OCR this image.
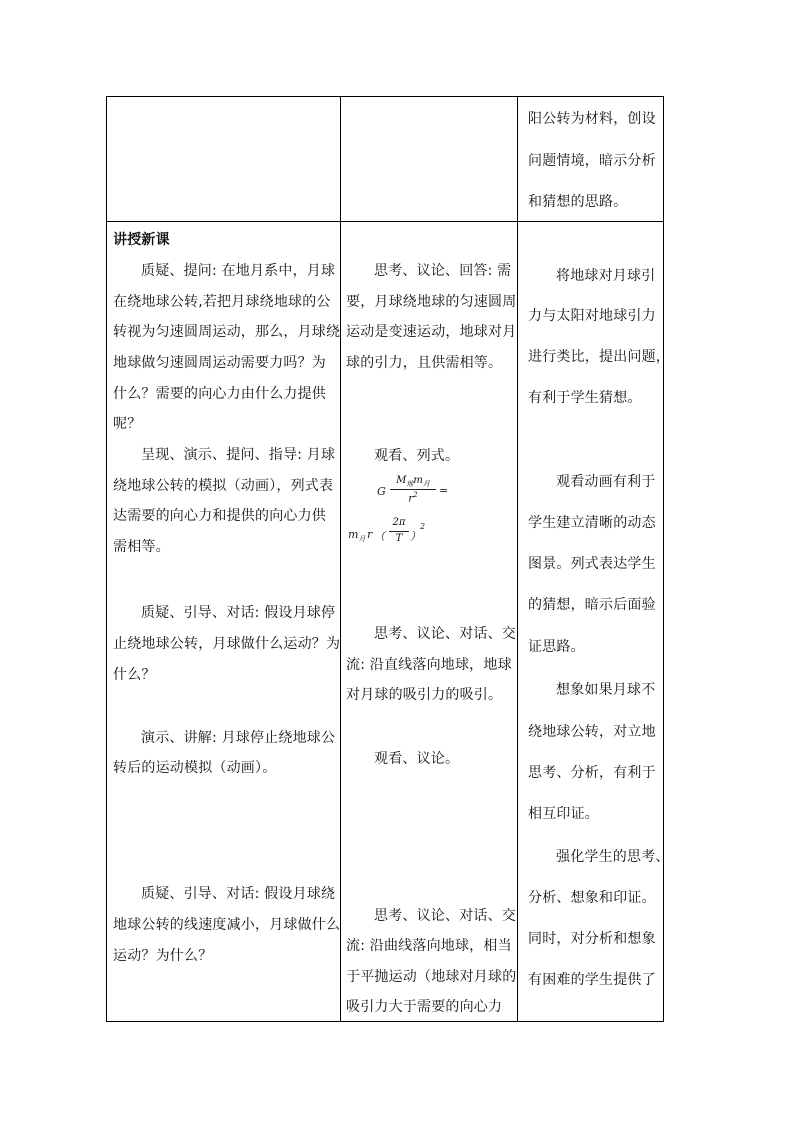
阳公转为材料，创设
问题情境，暗示分析
和猜想的思路。
讲授新课
质疑、提问: 在地月系中，月球
在绕地球公转,若把月球绕地球的公
转视为匀速圆周运动，那么，月球绕
地球做匀速圆周运动需要力吗？为
什么？需要的向心力由什么力提供
呢？
呈现、演示、提问、指导: 月球
绕地球公转的模拟（动画），列式表
达需要的向心力和提供的向心力供
需相等。
质疑、引导、对话: 假设月球停
止绕地球公转，月球做什么运动？为
什么？
演示、讲解: 月球停止绕地球公
转后的运动模拟（动画）。
质疑、引导、对话: 假设月球绕
地球公转的线速度减小，月球做什么
运动？为什么？
思考、议论、回答: 需
要，月球绕地球的匀速圆周
运动是变速运动，地球对月
球的引力，且供需相等。
观看、列式。
G
$M_地m_月$
$r^2$	=
$m_月$ r （
2π
T ）
2
思考、议论、对话、交
流: 沿直线落向地球，地球
对月球的吸引力的吸引。
观看、议论。
思考、议论、对话、交
流: 沿曲线落向地球，相当
于平抛运动（地球对月球的
吸引力大于需要的向心力
将地球对月球引
力与太阳对地球引力
进行类比，提出问题，
有利于学生猜想。
观看动画有利于
学生建立清晰的动态
图景。列式表达学生
的猜想，暗示后面验
证思路。
想象如果月球不
绕地球公转，对立地
思考、分析，有利于
相互印证。
强化学生的思考、
分析、想象和印证。
同时，对分析和想象
有困难的学生提供了
